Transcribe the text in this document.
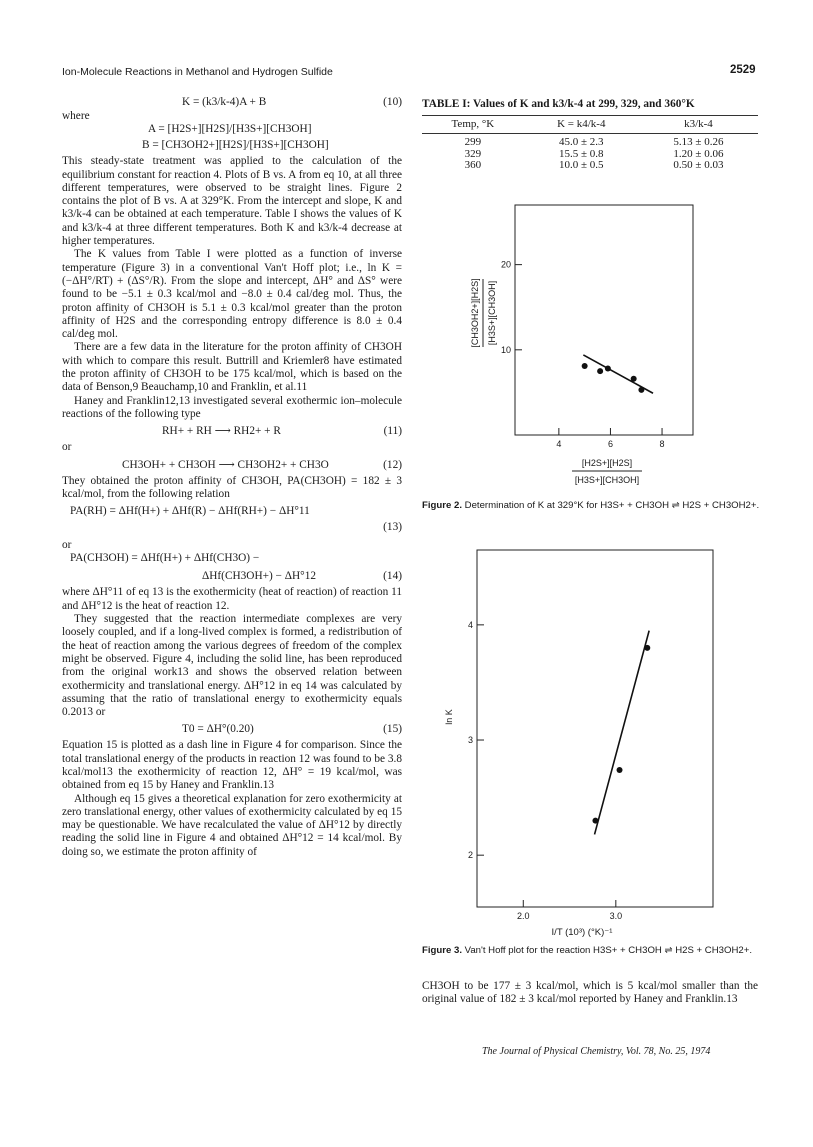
Ion-Molecule Reactions in Methanol and Hydrogen Sulfide	2529
K = (k3/k-4)A + B	(10)
where
A = [H2S+][H2S]/[H3S+][CH3OH]
B = [CH3OH2+][H2S]/[H3S+][CH3OH]

This steady-state treatment was applied to the calculation of the equilibrium constant for reaction 4. Plots of B vs. A from eq 10, at all three different temperatures, were observed to be straight lines. Figure 2 contains the plot of B vs. A at 329°K. From the intercept and slope, K and k3/k-4 can be obtained at each temperature. Table I shows the values of K and k3/k-4 at three different temperatures. Both K and k3/k-4 decrease at higher temperatures.

The K values from Table I were plotted as a function of inverse temperature (Figure 3) in a conventional Van't Hoff plot; i.e., ln K = (−ΔH°/RT) + (ΔS°/R). From the slope and intercept, ΔH° and ΔS° were found to be −5.1 ± 0.3 kcal/mol and −8.0 ± 0.4 cal/deg mol. Thus, the proton affinity of CH3OH is 5.1 ± 0.3 kcal/mol greater than the proton affinity of H2S and the corresponding entropy difference is 8.0 ± 0.4 cal/deg mol.

There are a few data in the literature for the proton affinity of CH3OH with which to compare this result. Buttrill and Kriemler8 have estimated the proton affinity of CH3OH to be 175 kcal/mol, which is based on the data of Benson,9 Beauchamp,10 and Franklin, et al.11

Haney and Franklin12,13 investigated several exothermic ion–molecule reactions of the following type

RH+ + RH ⟶ RH2+ + R	(11)
or
CH3OH+ + CH3OH ⟶ CH3OH2+ + CH3O	(12)

They obtained the proton affinity of CH3OH, PA(CH3OH) = 182 ± 3 kcal/mol, from the following relation

PA(RH) = ΔHf(H+) + ΔHf(R) − ΔHf(RH+) − ΔH°11
(13)
or
PA(CH3OH) = ΔHf(H+) + ΔHf(CH3O) −
ΔHf(CH3OH+) − ΔH°12	(14)

where ΔH°11 of eq 13 is the exothermicity (heat of reaction) of reaction 11 and ΔH°12 is the heat of reaction 12.

They suggested that the reaction intermediate complexes are very loosely coupled, and if a long-lived complex is formed, a redistribution of the heat of reaction among the various degrees of freedom of the complex might be observed. Figure 4, including the solid line, has been reproduced from the original work13 and shows the observed relation between exothermicity and translational energy. ΔH°12 in eq 14 was calculated by assuming that the ratio of translational energy to exothermicity equals 0.2013 or

T0 = ΔH°(0.20)	(15)

Equation 15 is plotted as a dash line in Figure 4 for comparison. Since the total translational energy of the products in reaction 12 was found to be 3.8 kcal/mol13 the exothermicity of reaction 12, ΔH° = 19 kcal/mol, was obtained from eq 15 by Haney and Franklin.13

Although eq 15 gives a theoretical explanation for zero exothermicity at zero translational energy, other values of exothermicity calculated by eq 15 may be questionable. We have recalculated the value of ΔH°12 by directly reading the solid line in Figure 4 and obtained ΔH°12 = 14 kcal/mol. By doing so, we estimate the proton affinity of

TABLE I: Values of K and k3/k-4 at 299, 329, and 360°K
Temp, °K	K = k4/k-4	k3/k-4
299	45.0 ± 2.3	5.13 ± 0.26
329	15.5 ± 0.8	1.20 ± 0.06
360	10.0 ± 0.5	0.50 ± 0.03
10
20
4	6	8
[CH3OH2+][H2S] [H3S+][CH3OH]
[H2S+][H2S]
[H3S+][CH3OH]
Figure 2. Determination of K at 329°K for H3S+ + CH3OH ⇌ H2S + CH3OH2+.
2
3
4
2.0	3.0
ln K
I/T (10³) (°K)⁻¹
Figure 3. Van't Hoff plot for the reaction H3S+ + CH3OH ⇌ H2S + CH3OH2+.

CH3OH to be 177 ± 3 kcal/mol, which is 5 kcal/mol smaller than the original value of 182 ± 3 kcal/mol reported by Haney and Franklin.13

The Journal of Physical Chemistry, Vol. 78, No. 25, 1974
